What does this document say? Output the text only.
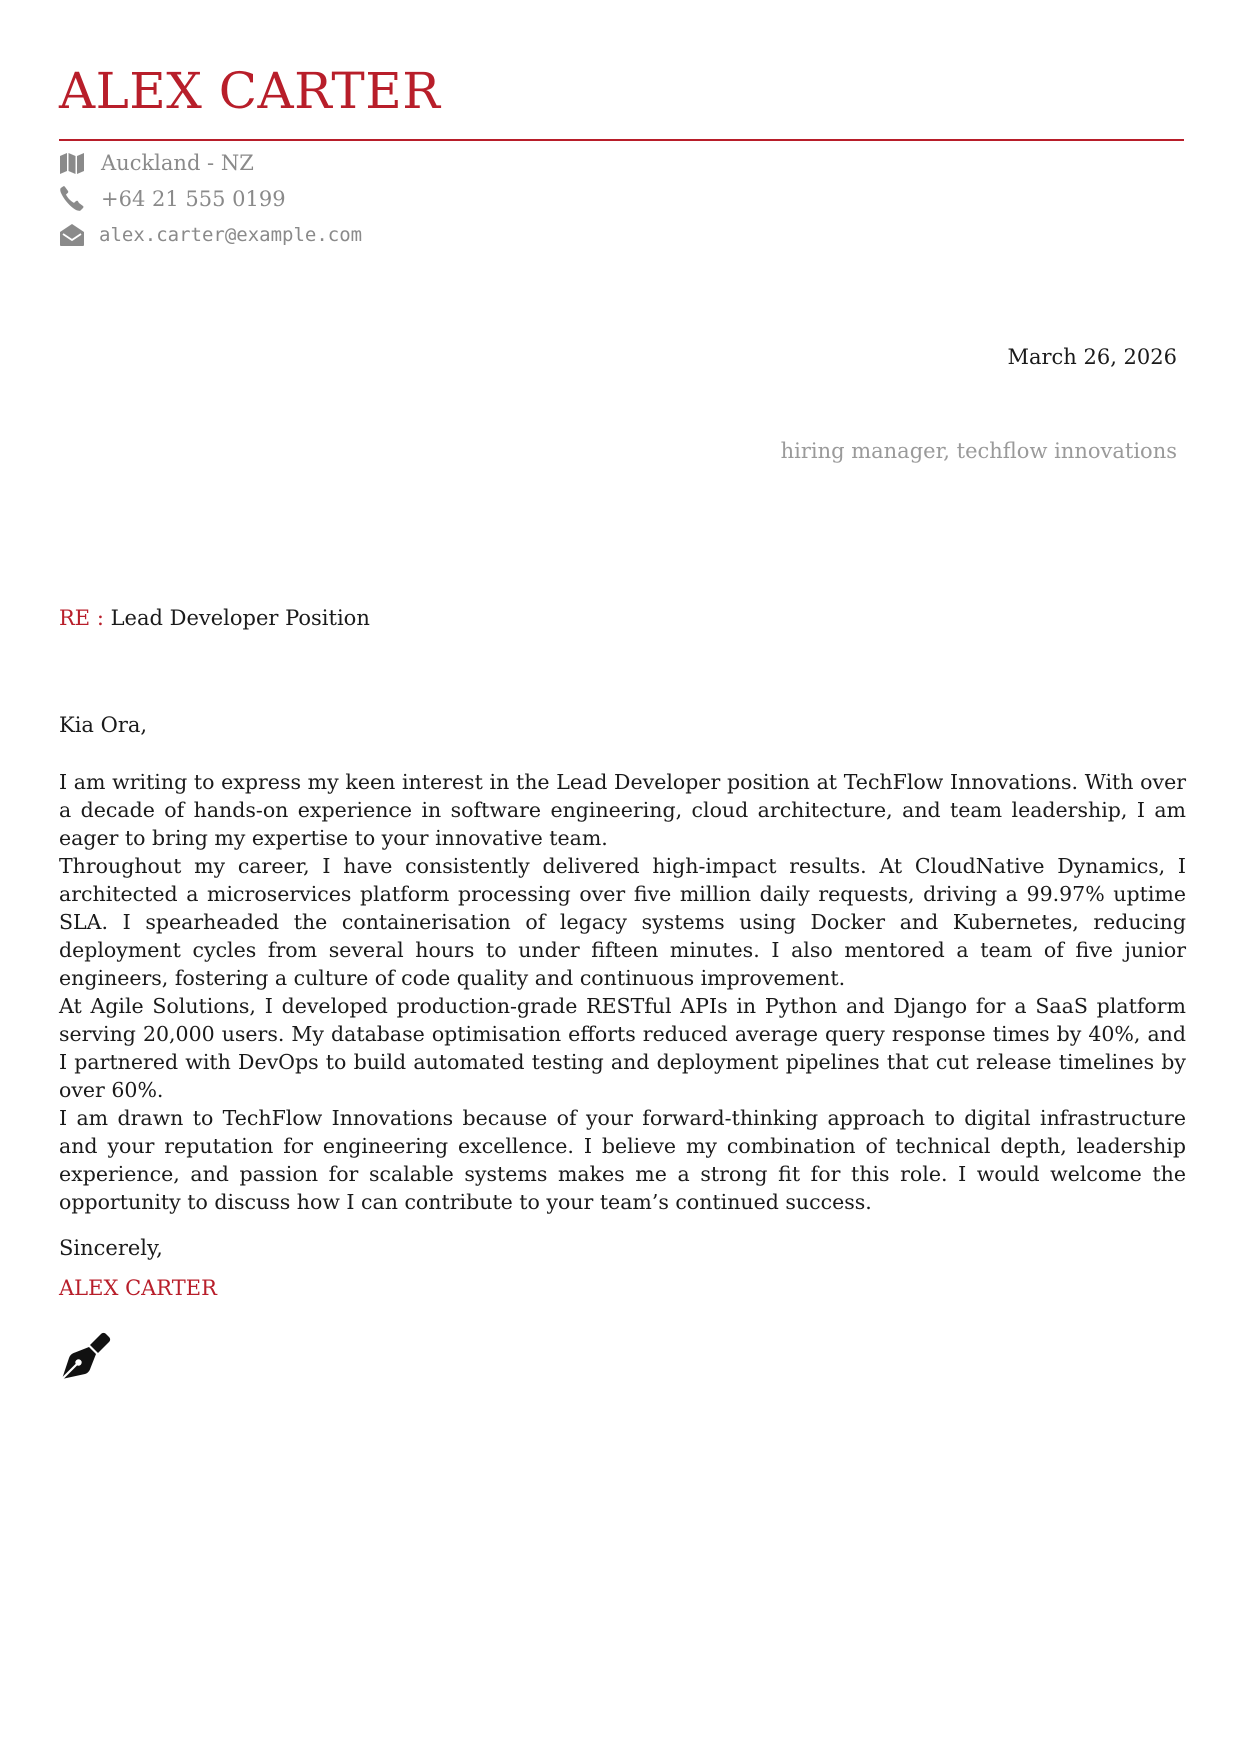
ALEX CARTER
Auckland - NZ
+64 21 555 0199
alex.carter@example.com
March 26, 2026
hiring manager, techflow innovations
RE : Lead Developer Position
Kia Ora,

I am writing to express my keen interest in the Lead Developer position at TechFlow Innovations. With over a decade of hands-on experience in software engineering, cloud architecture, and team leadership, I am eager to bring my expertise to your innovative team.

Throughout my career, I have consistently delivered high-impact results. At CloudNative Dynamics, I architected a microservices platform processing over five million daily requests, driving a 99.97% uptime SLA. I spearheaded the containerisation of legacy systems using Docker and Kubernetes, reducing deployment cycles from several hours to under fifteen minutes. I also mentored a team of five junior engineers, fostering a culture of code quality and continuous improvement.

At Agile Solutions, I developed production-grade RESTful APIs in Python and Django for a SaaS platform serving 20,000 users. My database optimisation efforts reduced average query response times by 40%, and I partnered with DevOps to build automated testing and deployment pipelines that cut release timelines by over 60%.

I am drawn to TechFlow Innovations because of your forward-thinking approach to digital infrastructure and your reputation for engineering excellence. I believe my combination of technical depth, leadership experience, and passion for scalable systems makes me a strong fit for this role. I would welcome the opportunity to discuss how I can contribute to your team’s continued success.

Sincerely,
ALEX CARTER
